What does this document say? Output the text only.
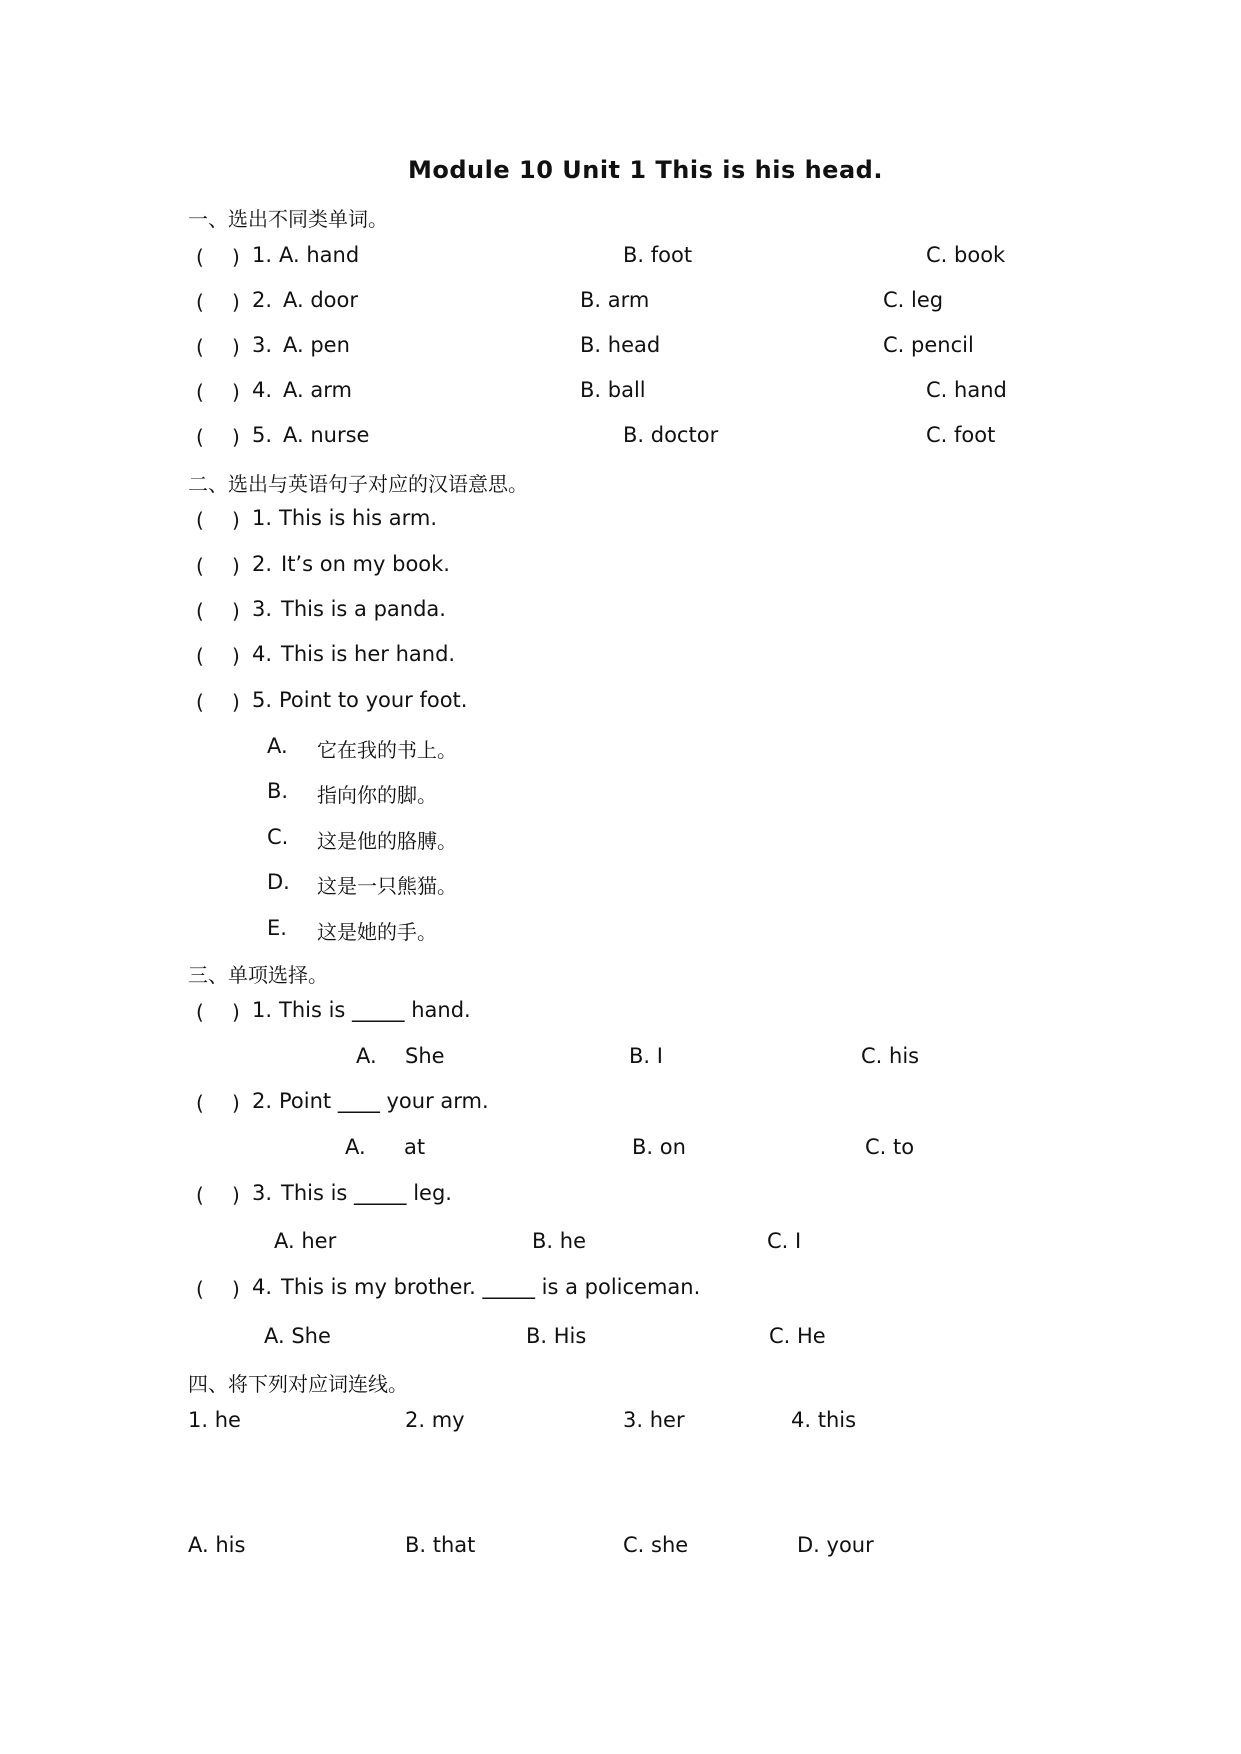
Module 10 Unit 1 This is his head.
一、选出不同类单词。
( ) 1. A. hand	B. foot	C. book
( ) 2. A. door	B. arm	C. leg
( ) 3. A. pen	B. head	C. pencil
( ) 4. A. arm	B. ball	C. hand
( ) 5. A. nurse	B. doctor	C. foot
二、选出与英语句子对应的汉语意思。
( ) 1. This is his arm.
( ) 2. It’s on my book.
( ) 3. This is a panda.
( ) 4. This is her hand.
( ) 5. Point to your foot.
A. 它在我的书上。
B. 指向你的脚。
C. 这是他的胳膊。
D. 这是一只熊猫。
E. 这是她的手。
三、单项选择。
( ) 1. This is _____ hand.
A. She	B. I	C. his
( ) 2. Point ____ your arm.
A. at	B. on	C. to
( ) 3. This is _____ leg.
A. her	B. he	C. I
( ) 4. This is my brother. _____ is a policeman.
A. She	B. His	C. He
四、将下列对应词连线。
1. he	2. my	3. her	4. this
A. his	B. that	C. she	D. your
